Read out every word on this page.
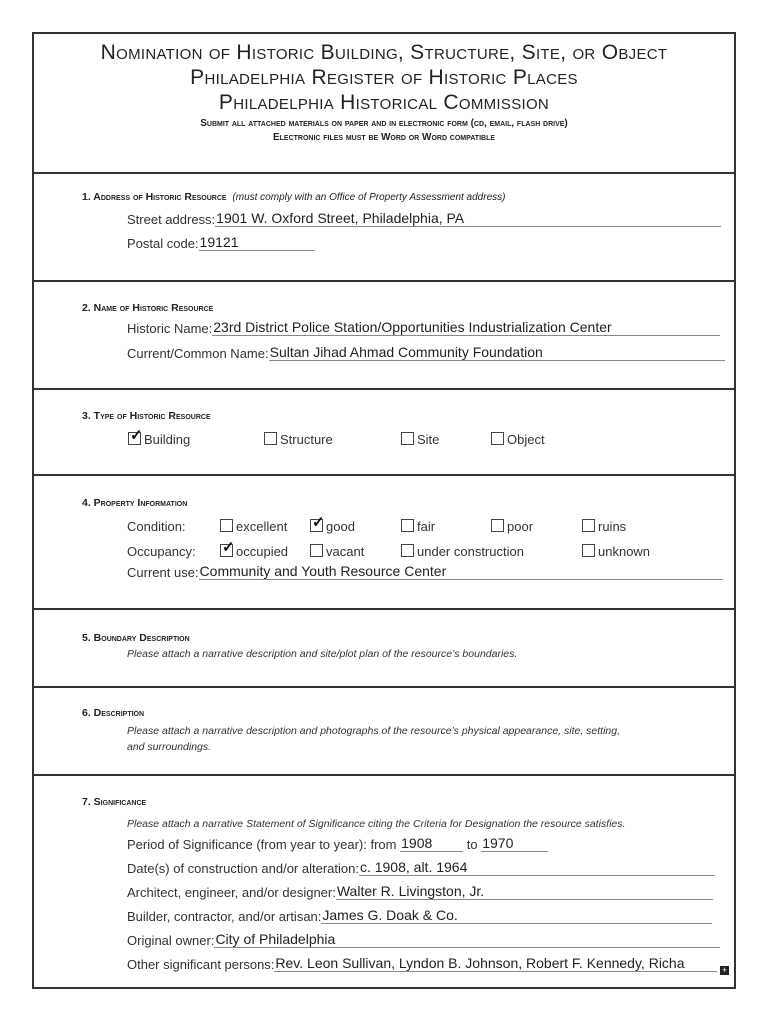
Nomination of Historic Building, Structure, Site, or Object
Philadelphia Register of Historic Places
Philadelphia Historical Commission
Submit all attached materials on paper and in electronic form (cd, email, flash drive)
Electronic files must be Word or Word compatible
1. Address of Historic Resource (must comply with an Office of Property Assessment address)
Street address:1901 W. Oxford Street, Philadelphia, PA
Postal code:19121
2. Name of Historic Resource
Historic Name:23rd District Police Station/Opportunities Industrialization Center
Current/Common Name:Sultan Jihad Ahmad Community Foundation
3. Type of Historic Resource
✓ Building	Structure	Site	Object
4. Property Information
Condition:	excellent ✓ good	fair	poor	ruins
Occupancy: ✓ occupied	vacant	under construction	unknown
Current use:Community and Youth Resource Center
5. Boundary Description
Please attach a narrative description and site/plot plan of the resource’s boundaries.
6. Description
Please attach a narrative description and photographs of the resource’s physical appearance, site, setting,
and surroundings.
7. Significance
Please attach a narrative Statement of Significance citing the Criteria for Designation the resource satisfies.
Period of Significance (from year to year): from 1908	to 1970
Date(s) of construction and/or alteration:c. 1908, alt. 1964
Architect, engineer, and/or designer:Walter R. Livingston, Jr.
Builder, contractor, and/or artisan:James G. Doak & Co.
Original owner:City of Philadelphia
Other significant persons:Rev. Leon Sullivan, Lyndon B. Johnson, Robert F. Kennedy, Richa	+
